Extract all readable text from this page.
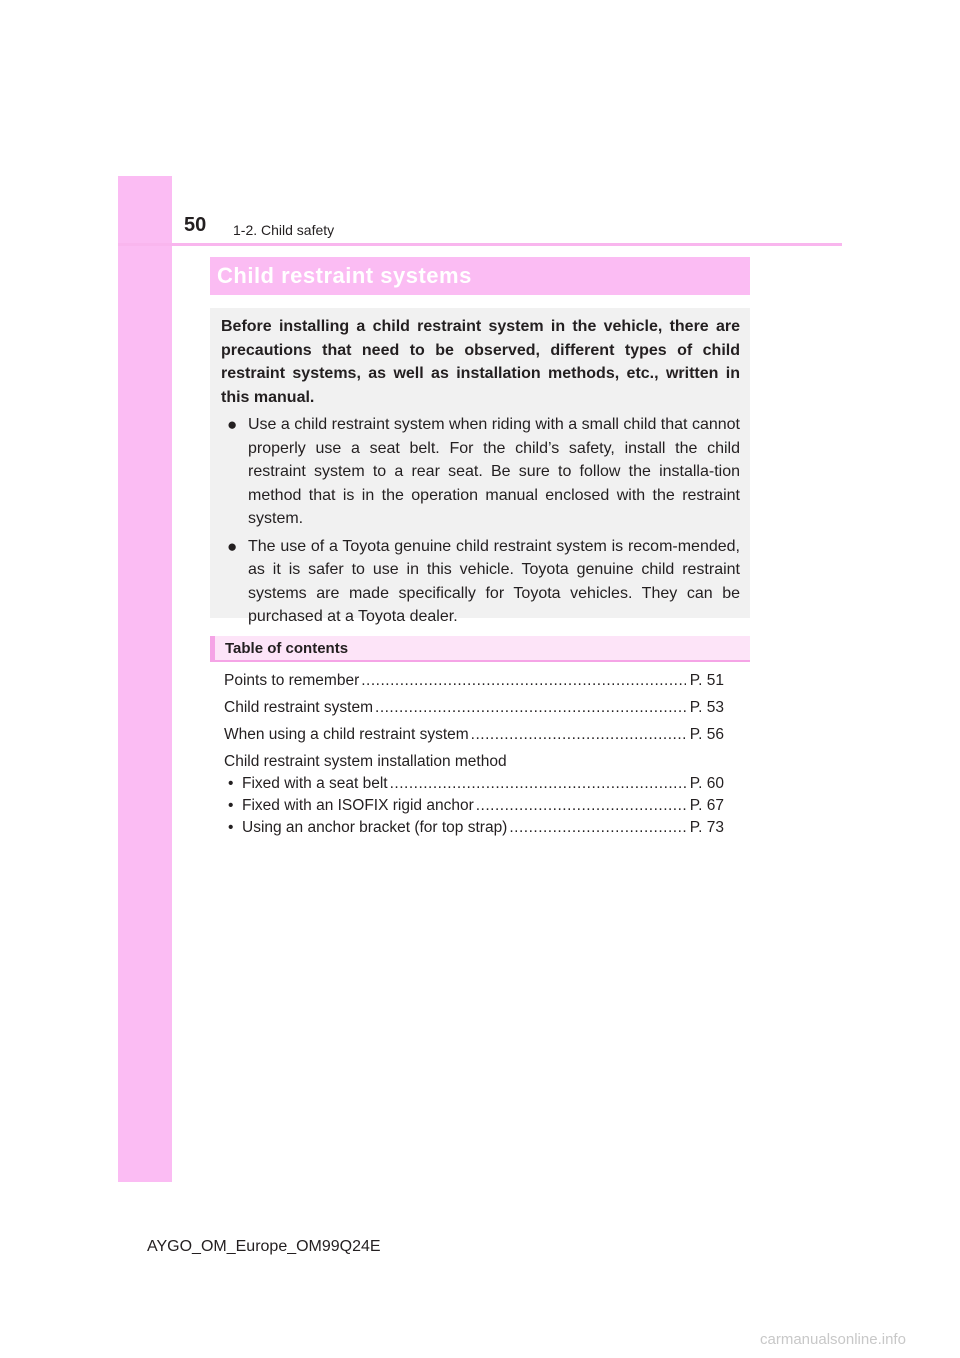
50 1-2. Child safety
Child restraint systems

Before installing a child restraint system in the vehicle, there are precautions that need to be observed, different types of child restraint systems, as well as installation methods, etc., written in this manual.

● Use a child restraint system when riding with a small child that cannot properly use a seat belt. For the child’s safety, install the child restraint system to a rear seat. Be sure to follow the installa-tion method that is in the operation manual enclosed with the restraint system.
● The use of a Toyota genuine child restraint system is recom-mended, as it is safer to use in this vehicle. Toyota genuine child restraint systems are made specifically for Toyota vehicles. They can be purchased at a Toyota dealer.
Table of contents
Points to remember .....	P. 51
Child restraint system .....	P. 53
When using a child restraint system .....	P. 56
Child restraint system installation method
• Fixed with a seat belt .....	P. 60
• Fixed with an ISOFIX rigid anchor .....	P. 67
• Using an anchor bracket (for top strap) .....	P. 73
AYGO_OM_Europe_OM99Q24E
carmanualsonline.info
